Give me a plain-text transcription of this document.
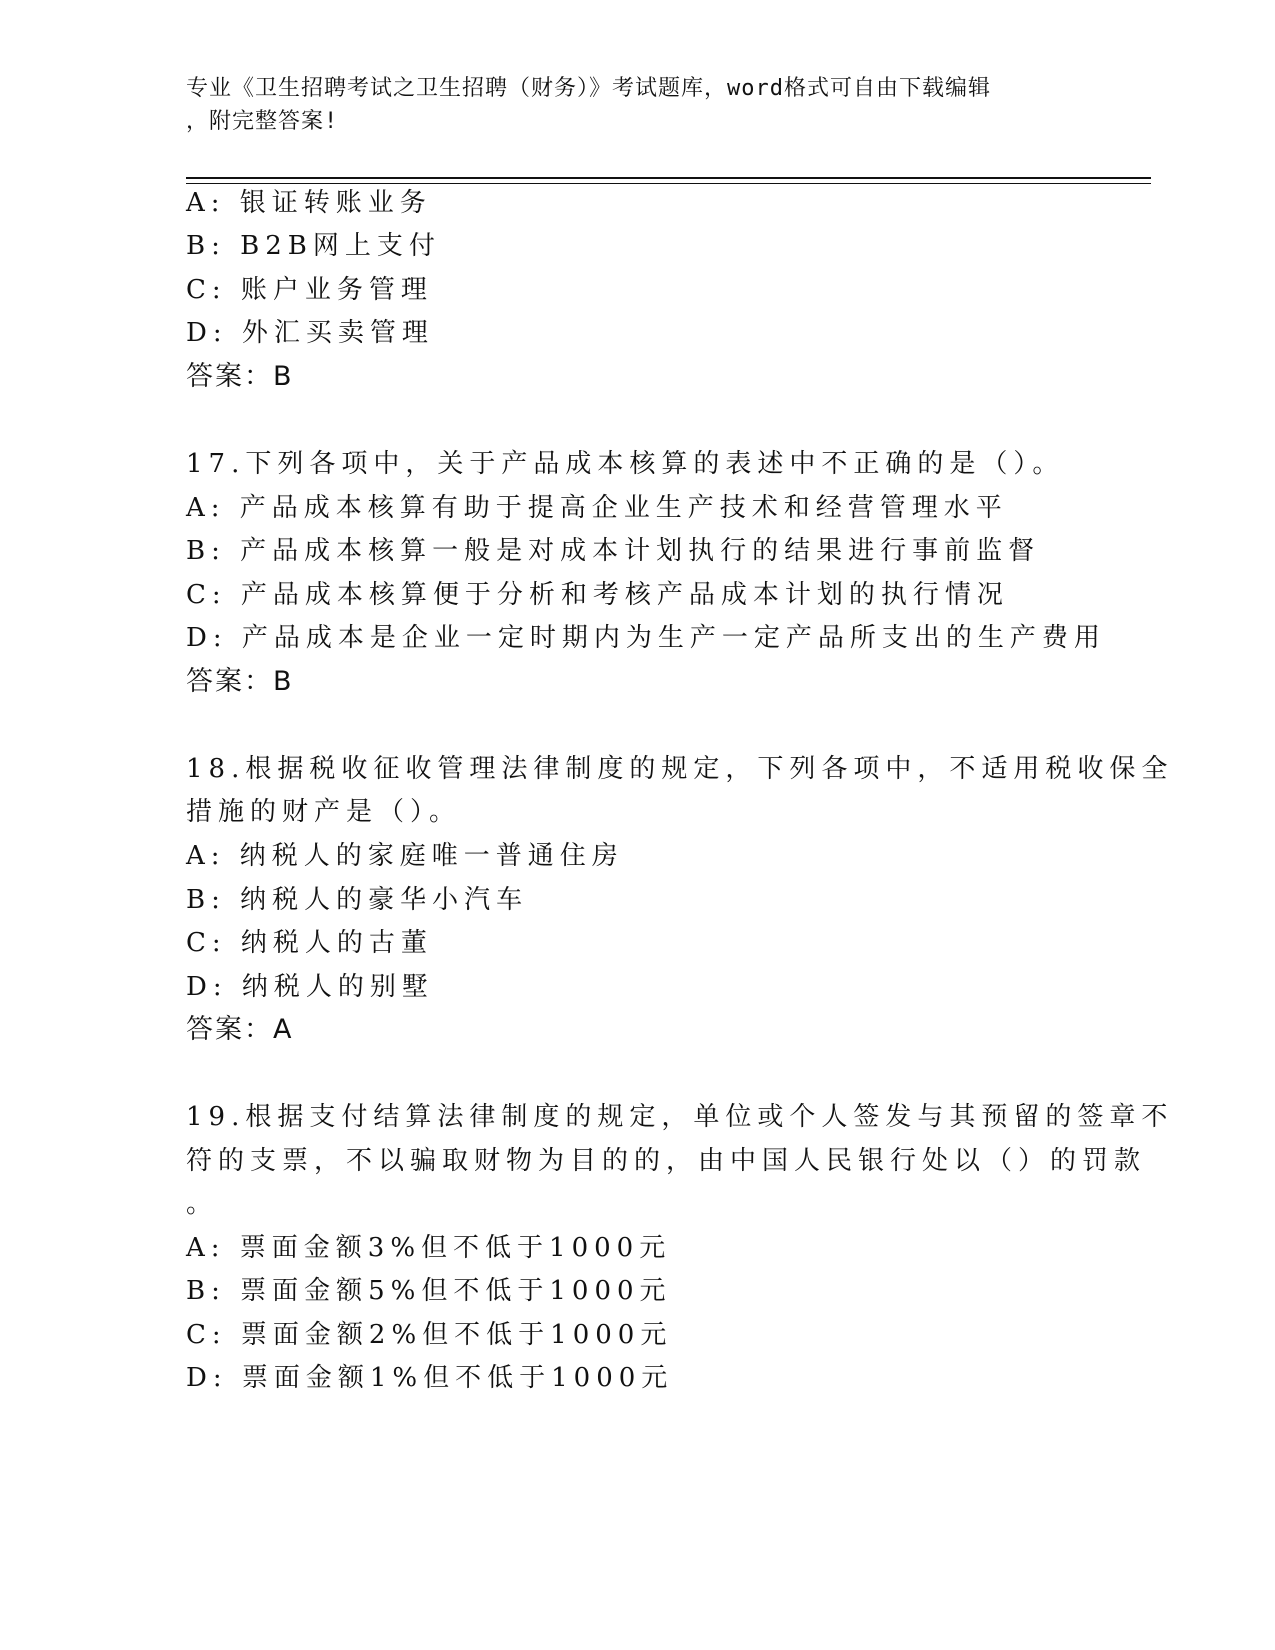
专业《卫生招聘考试之卫生招聘（财务）》考试题库，word格式可自由下载编辑
，附完整答案!
A: 银证转账业务
B: B2B网上支付
C: 账户业务管理
D: 外汇买卖管理
答案：B
17.下列各项中，关于产品成本核算的表述中不正确的是（）。
A: 产品成本核算有助于提高企业生产技术和经营管理水平
B: 产品成本核算一般是对成本计划执行的结果进行事前监督
C: 产品成本核算便于分析和考核产品成本计划的执行情况
D: 产品成本是企业一定时期内为生产一定产品所支出的生产费用
答案：B
18.根据税收征收管理法律制度的规定，下列各项中，不适用税收保全
措施的财产是（）。
A: 纳税人的家庭唯一普通住房
B: 纳税人的豪华小汽车
C: 纳税人的古董
D: 纳税人的别墅
答案：A
19.根据支付结算法律制度的规定，单位或个人签发与其预留的签章不
符的支票，不以骗取财物为目的的，由中国人民银行处以（）的罚款
。
A: 票面金额3%但不低于1000元
B: 票面金额5%但不低于1000元
C: 票面金额2%但不低于1000元
D: 票面金额1%但不低于1000元
